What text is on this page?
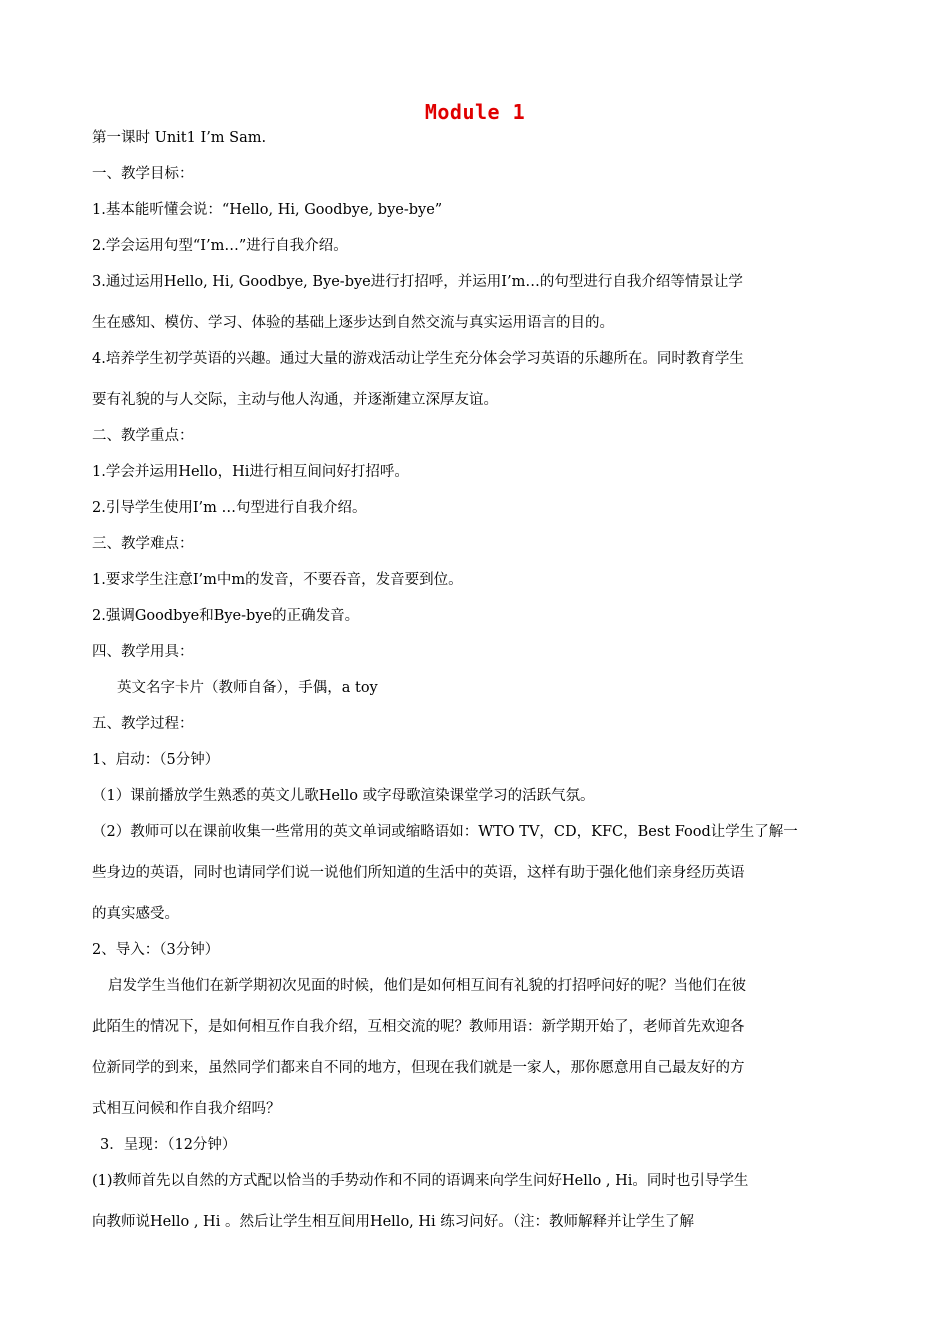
Module 1
第一课时 Unit1 I’m Sam.
一、教学目标：
1.基本能听懂会说：“Hello, Hi, Goodbye, bye-bye”
2.学会运用句型“I’m…”进行自我介绍。
3.通过运用Hello, Hi, Goodbye, Bye-bye进行打招呼，并运用I’m…的句型进行自我介绍等情景让学
生在感知、模仿、学习、体验的基础上逐步达到自然交流与真实运用语言的目的。
4.培养学生初学英语的兴趣。通过大量的游戏活动让学生充分体会学习英语的乐趣所在。同时教育学生
要有礼貌的与人交际，主动与他人沟通，并逐渐建立深厚友谊。
二、教学重点：
1.学会并运用Hello，Hi进行相互间问好打招呼。
2.引导学生使用I’m …句型进行自我介绍。
三、教学难点：
1.要求学生注意I’m中m的发音，不要吞音，发音要到位。
2.强调Goodbye和Bye-bye的正确发音。
四、教学用具：
英文名字卡片（教师自备），手偶，a toy
五、教学过程：
1、启动：（5分钟）
（1）课前播放学生熟悉的英文儿歌Hello 或字母歌渲染课堂学习的活跃气氛。
（2）教师可以在课前收集一些常用的英文单词或缩略语如：WTO TV，CD，KFC，Best Food让学生了解一
些身边的英语，同时也请同学们说一说他们所知道的生活中的英语，这样有助于强化他们亲身经历英语
的真实感受。
2、导入：（3分钟）
启发学生当他们在新学期初次见面的时候，他们是如何相互间有礼貌的打招呼问好的呢？当他们在彼
此陌生的情况下，是如何相互作自我介绍，互相交流的呢？教师用语：新学期开始了，老师首先欢迎各
位新同学的到来，虽然同学们都来自不同的地方，但现在我们就是一家人，那你愿意用自己最友好的方
式相互问候和作自我介绍吗？
3．呈现：（12分钟）
(1)教师首先以自然的方式配以恰当的手势动作和不同的语调来向学生问好Hello , Hi。同时也引导学生
向教师说Hello , Hi 。然后让学生相互间用Hello, Hi 练习问好。（注：教师解释并让学生了解
